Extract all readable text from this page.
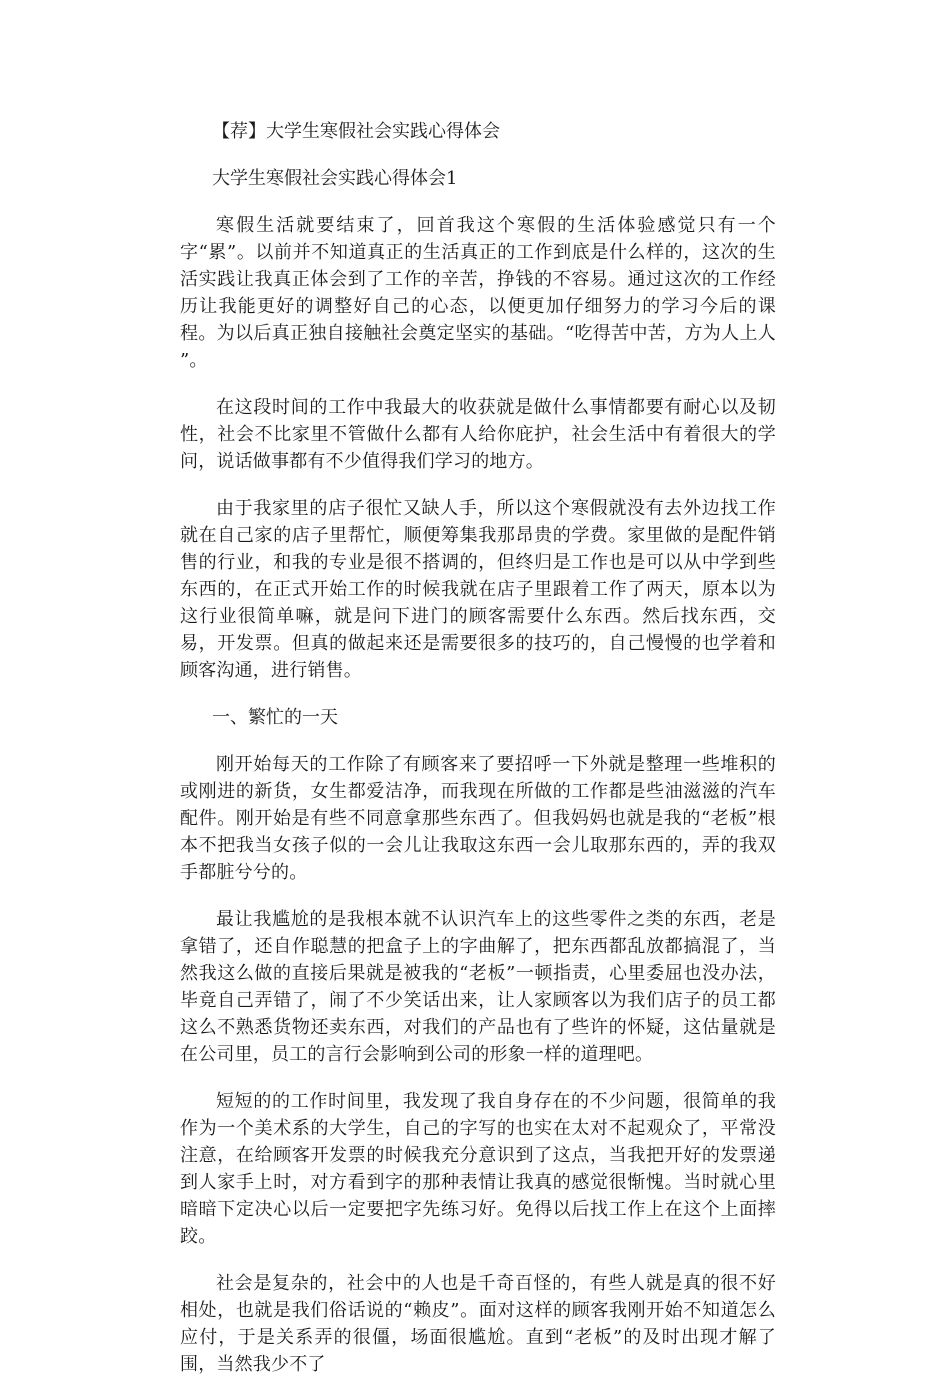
【荐】大学生寒假社会实践心得体会
大学生寒假社会实践心得体会1

寒假生活就要结束了，回首我这个寒假的生活体验感觉只有一个字“累”。以前并不知道真正的生活真正的工作到底是什么样的，这次的生活实践让我真正体会到了工作的辛苦，挣钱的不容易。通过这次的工作经历让我能更好的调整好自己的心态，以便更加仔细努力的学习今后的课程。为以后真正独自接触社会奠定坚实的基础。“吃得苦中苦，方为人上人 ”。

在这段时间的工作中我最大的收获就是做什么事情都要有耐心以及韧性，社会不比家里不管做什么都有人给你庇护，社会生活中有着很大的学问，说话做事都有不少值得我们学习的地方。

由于我家里的店子很忙又缺人手，所以这个寒假就没有去外边找工作就在自己家的店子里帮忙，顺便筹集我那昂贵的学费。家里做的是配件销售的行业，和我的专业是很不搭调的，但终归是工作也是可以从中学到些东西的，在正式开始工作的时候我就在店子里跟着工作了两天，原本以为这行业很简单嘛，就是问下进门的顾客需要什么东西。然后找东西，交易，开发票。但真的做起来还是需要很多的技巧的，自己慢慢的也学着和顾客沟通，进行销售。

一、繁忙的一天

刚开始每天的工作除了有顾客来了要招呼一下外就是整理一些堆积的或刚进的新货，女生都爱洁净，而我现在所做的工作都是些油滋滋的汽车配件。刚开始是有些不同意拿那些东西了。但我妈妈也就是我的“老板”根本不把我当女孩子似的一会儿让我取这东西一会儿取那东西的，弄的我双手都脏兮兮的。

最让我尴尬的是我根本就不认识汽车上的这些零件之类的东西，老是拿错了，还自作聪慧的把盒子上的字曲解了，把东西都乱放都搞混了，当然我这么做的直接后果就是被我的“老板”一顿指责，心里委屈也没办法，毕竟自己弄错了，闹了不少笑话出来，让人家顾客以为我们店子的员工都这么不熟悉货物还卖东西，对我们的产品也有了些许的怀疑，这估量就是在公司里，员工的言行会影响到公司的形象一样的道理吧。

短短的的工作时间里，我发现了我自身存在的不少问题，很简单的我作为一个美术系的大学生，自己的字写的也实在太对不起观众了，平常没注意，在给顾客开发票的时候我充分意识到了这点，当我把开好的发票递到人家手上时，对方看到字的那种表情让我真的感觉很惭愧。当时就心里暗暗下定决心以后一定要把字先练习好。免得以后找工作上在这个上面摔跤。

社会是复杂的，社会中的人也是千奇百怪的，有些人就是真的很不好相处，也就是我们俗话说的“赖皮”。面对这样的顾客我刚开始不知道怎么应付，于是关系弄的很僵，场面很尴尬。直到“老板”的及时出现才解了围，当然我少不了
